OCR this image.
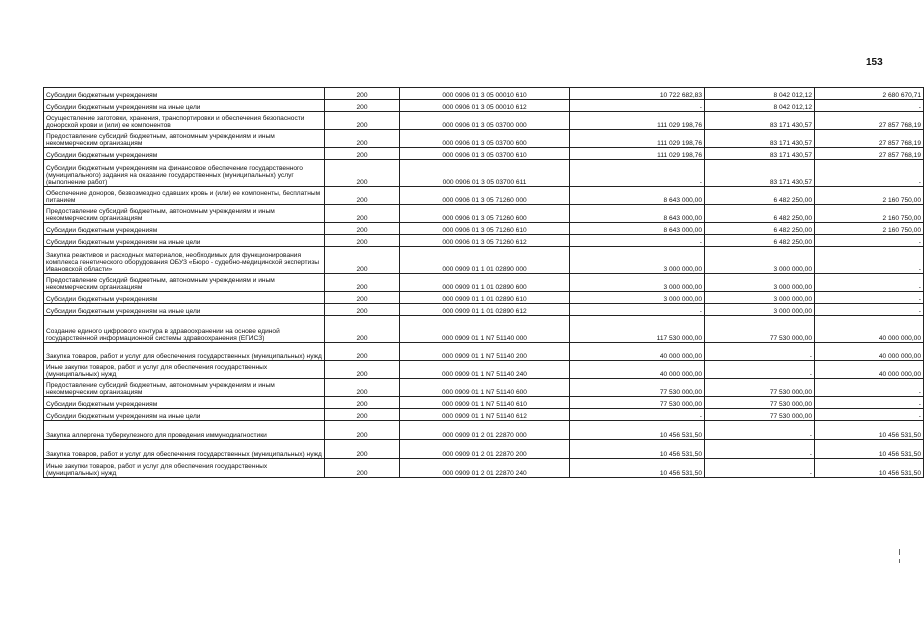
153
Субсидии бюджетным учреждениям	200	000 0906 01 3 05 00010 610	10 722 682,83	8 042 012,12	2 680 670,71
Субсидии бюджетным учреждениям на иные цели	200	000 0906 01 3 05 00010 612	-	8 042 012,12	-
Осуществление заготовки, хранения, транспортировки и обеспечения безопасности донорской крови и (или) ее компонентов	200	000 0906 01 3 05 03700 000	111 029 198,76	83 171 430,57	27 857 768,19
Предоставление субсидий бюджетным, автономным учреждениям и иным некоммерческим организациям	200	000 0906 01 3 05 03700 600	111 029 198,76	83 171 430,57	27 857 768,19
Субсидии бюджетным учреждениям	200	000 0906 01 3 05 03700 610	111 029 198,76	83 171 430,57	27 857 768,19
Субсидии бюджетным учреждениям на финансовое обеспечение государственного (муниципального) задания на оказание государственных (муниципальных) услуг (выполнение работ)	200	000 0906 01 3 05 03700 611	-	83 171 430,57	-
Обеспечение доноров, безвозмездно сдавших кровь и (или) ее компоненты, бесплатным питанием	200	000 0906 01 3 05 71260 000	8 643 000,00	6 482 250,00	2 160 750,00
Предоставление субсидий бюджетным, автономным учреждениям и иным некоммерческим организациям	200	000 0906 01 3 05 71260 600	8 643 000,00	6 482 250,00	2 160 750,00
Субсидии бюджетным учреждениям	200	000 0906 01 3 05 71260 610	8 643 000,00	6 482 250,00	2 160 750,00
Субсидии бюджетным учреждениям на иные цели	200	000 0906 01 3 05 71260 612	-	6 482 250,00	-
Закупка реактивов и расходных материалов, необходимых для функционирования комплекса генетического оборудования ОБУЗ «Бюро - судебно-медицинской экспертизы Ивановской области»	200	000 0909 01 1 01 02890 000	3 000 000,00	3 000 000,00	-
Предоставление субсидий бюджетным, автономным учреждениям и иным некоммерческим организациям	200	000 0909 01 1 01 02890 600	3 000 000,00	3 000 000,00	-
Субсидии бюджетным учреждениям	200	000 0909 01 1 01 02890 610	3 000 000,00	3 000 000,00	-
Субсидии бюджетным учреждениям на иные цели	200	000 0909 01 1 01 02890 612	-	3 000 000,00	-
Создание единого цифрового контура в здравоохранении на основе единой государственной информационной системы здравоохранения (ЕГИСЗ)	200	000 0909 01 1 N7 51140 000	117 530 000,00	77 530 000,00	40 000 000,00
Закупка товаров, работ и услуг для обеспечения государственных (муниципальных) нужд	200	000 0909 01 1 N7 51140 200	40 000 000,00	-	40 000 000,00
Иные закупки товаров, работ и услуг для обеспечения государственных (муниципальных) нужд	200	000 0909 01 1 N7 51140 240	40 000 000,00	-	40 000 000,00
Предоставление субсидий бюджетным, автономным учреждениям и иным некоммерческим организациям	200	000 0909 01 1 N7 51140 600	77 530 000,00	77 530 000,00	-
Субсидии бюджетным учреждениям	200	000 0909 01 1 N7 51140 610	77 530 000,00	77 530 000,00	-
Субсидии бюджетным учреждениям на иные цели	200	000 0909 01 1 N7 51140 612	-	77 530 000,00	-
Закупка аллергена туберкулезного для проведения иммунодиагностики	200	000 0909 01 2 01 22870 000	10 456 531,50	-	10 456 531,50
Закупка товаров, работ и услуг для обеспечения государственных (муниципальных) нужд	200	000 0909 01 2 01 22870 200	10 456 531,50	-	10 456 531,50
Иные закупки товаров, работ и услуг для обеспечения государственных (муниципальных) нужд	200	000 0909 01 2 01 22870 240	10 456 531,50	-	10 456 531,50
